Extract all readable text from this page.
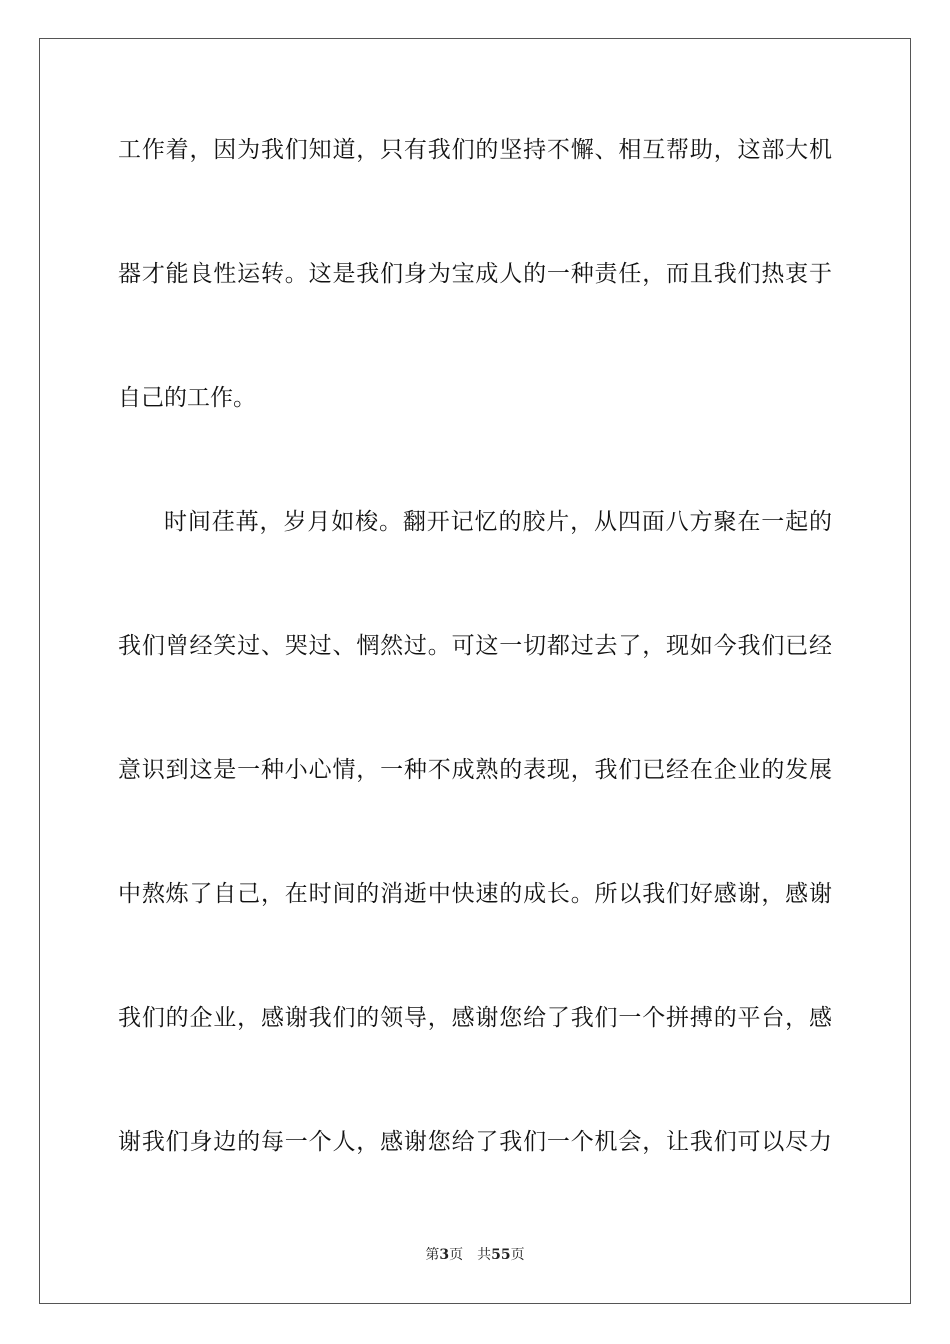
工作着，因为我们知道，只有我们的坚持不懈、相互帮助，这部大机
器才能良性运转。这是我们身为宝成人的一种责任，而且我们热衷于
自己的工作。
时间荏苒，岁月如梭。翻开记忆的胶片，从四面八方聚在一起的
我们曾经笑过、哭过、惘然过。可这一切都过去了，现如今我们已经
意识到这是一种小心情，一种不成熟的表现，我们已经在企业的发展
中熬炼了自己，在时间的消逝中快速的成长。所以我们好感谢，感谢
我们的企业，感谢我们的领导，感谢您给了我们一个拼搏的平台，感
谢我们身边的每一个人，感谢您给了我们一个机会，让我们可以尽力
第3页 共55页
